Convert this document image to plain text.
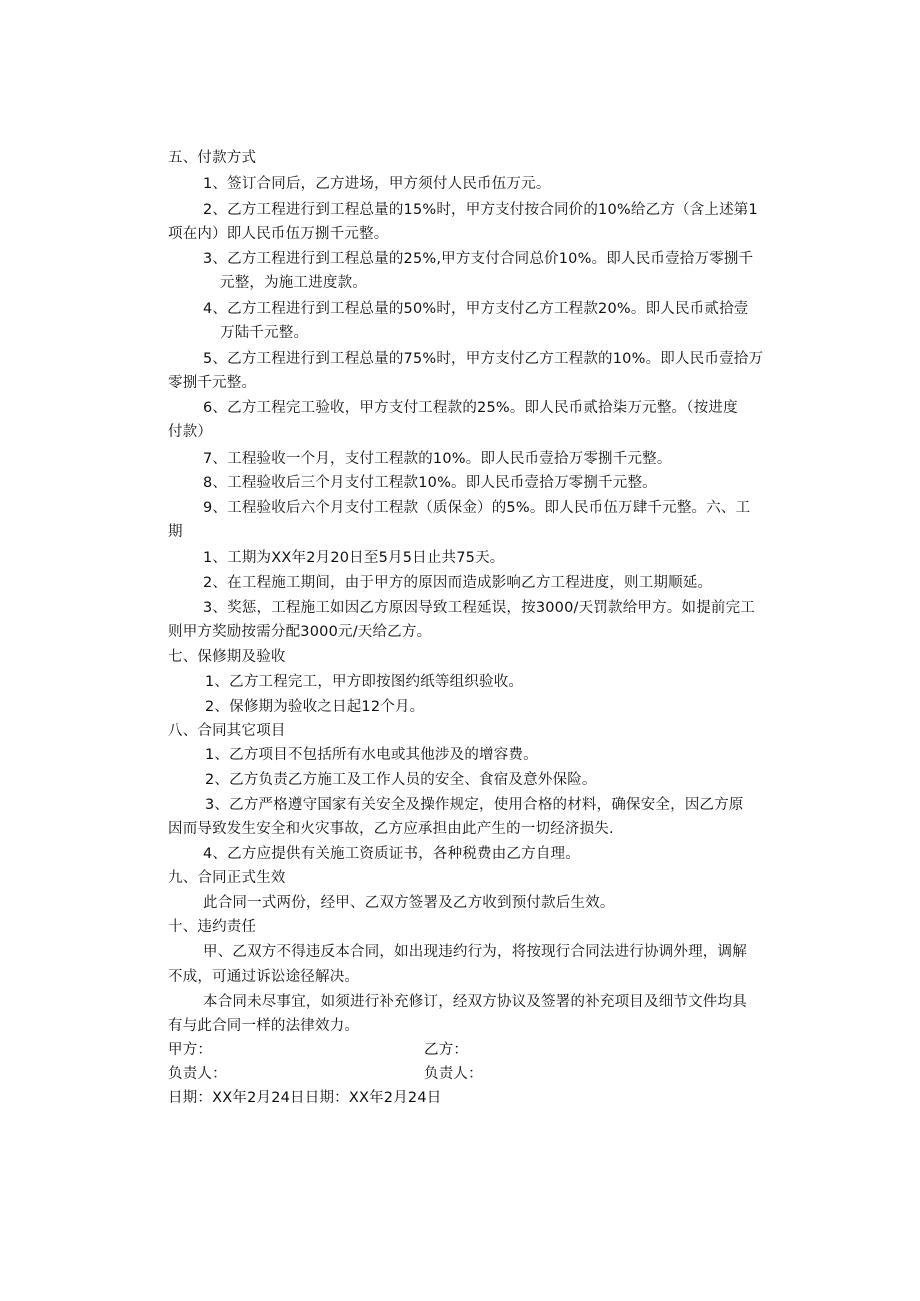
五、付款方式
1、签订合同后，乙方进场，甲方须付人民币伍万元。
2、乙方工程进行到工程总量的15%时，甲方支付按合同价的10%给乙方（含上述第1
项在内）即人民币伍万捌千元整。
3、乙方工程进行到工程总量的25%,甲方支付合同总价10%。即人民币壹拾万零捌千
元整，为施工进度款。
4、乙方工程进行到工程总量的50%时，甲方支付乙方工程款20%。即人民币贰拾壹
万陆千元整。
5、乙方工程进行到工程总量的75%时，甲方支付乙方工程款的10%。即人民币壹拾万
零捌千元整。
6、乙方工程完工验收，甲方支付工程款的25%。即人民币贰拾柒万元整。（按进度
付款）
7、工程验收一个月，支付工程款的10%。即人民币壹拾万零捌千元整。
8、工程验收后三个月支付工程款10%。即人民币壹拾万零捌千元整。
9、工程验收后六个月支付工程款（质保金）的5%。即人民币伍万肆千元整。六、工
期
1、工期为XX年2月20日至5月5日止共75天。
2、在工程施工期间，由于甲方的原因而造成影响乙方工程进度，则工期顺延。
3、奖惩，工程施工如因乙方原因导致工程延误，按3000/天罚款给甲方。如提前完工
则甲方奖励按需分配3000元/天给乙方。
七、保修期及验收
1、乙方工程完工，甲方即按图约纸等组织验收。
2、保修期为验收之日起12个月。
八、合同其它项目
1、乙方项目不包括所有水电或其他涉及的增容费。
2、乙方负责乙方施工及工作人员的安全、食宿及意外保险。
3、乙方严格遵守国家有关安全及操作规定，使用合格的材料，确保安全，因乙方原
因而导致发生安全和火灾事故，乙方应承担由此产生的一切经济损失.
4、乙方应提供有关施工资质证书，各种税费由乙方自理。
九、合同正式生效
此合同一式两份，经甲、乙双方签署及乙方收到预付款后生效。
十、违约责任
甲、乙双方不得违反本合同，如出现违约行为，将按现行合同法进行协调外理，调解
不成，可通过诉讼途径解决。
本合同未尽事宜，如须进行补充修订，经双方协议及签署的补充项目及细节文件均具
有与此合同一样的法律效力。
甲方：	乙方：
负责人：	负责人：
日期：XX年2月24日日期：XX年2月24日
